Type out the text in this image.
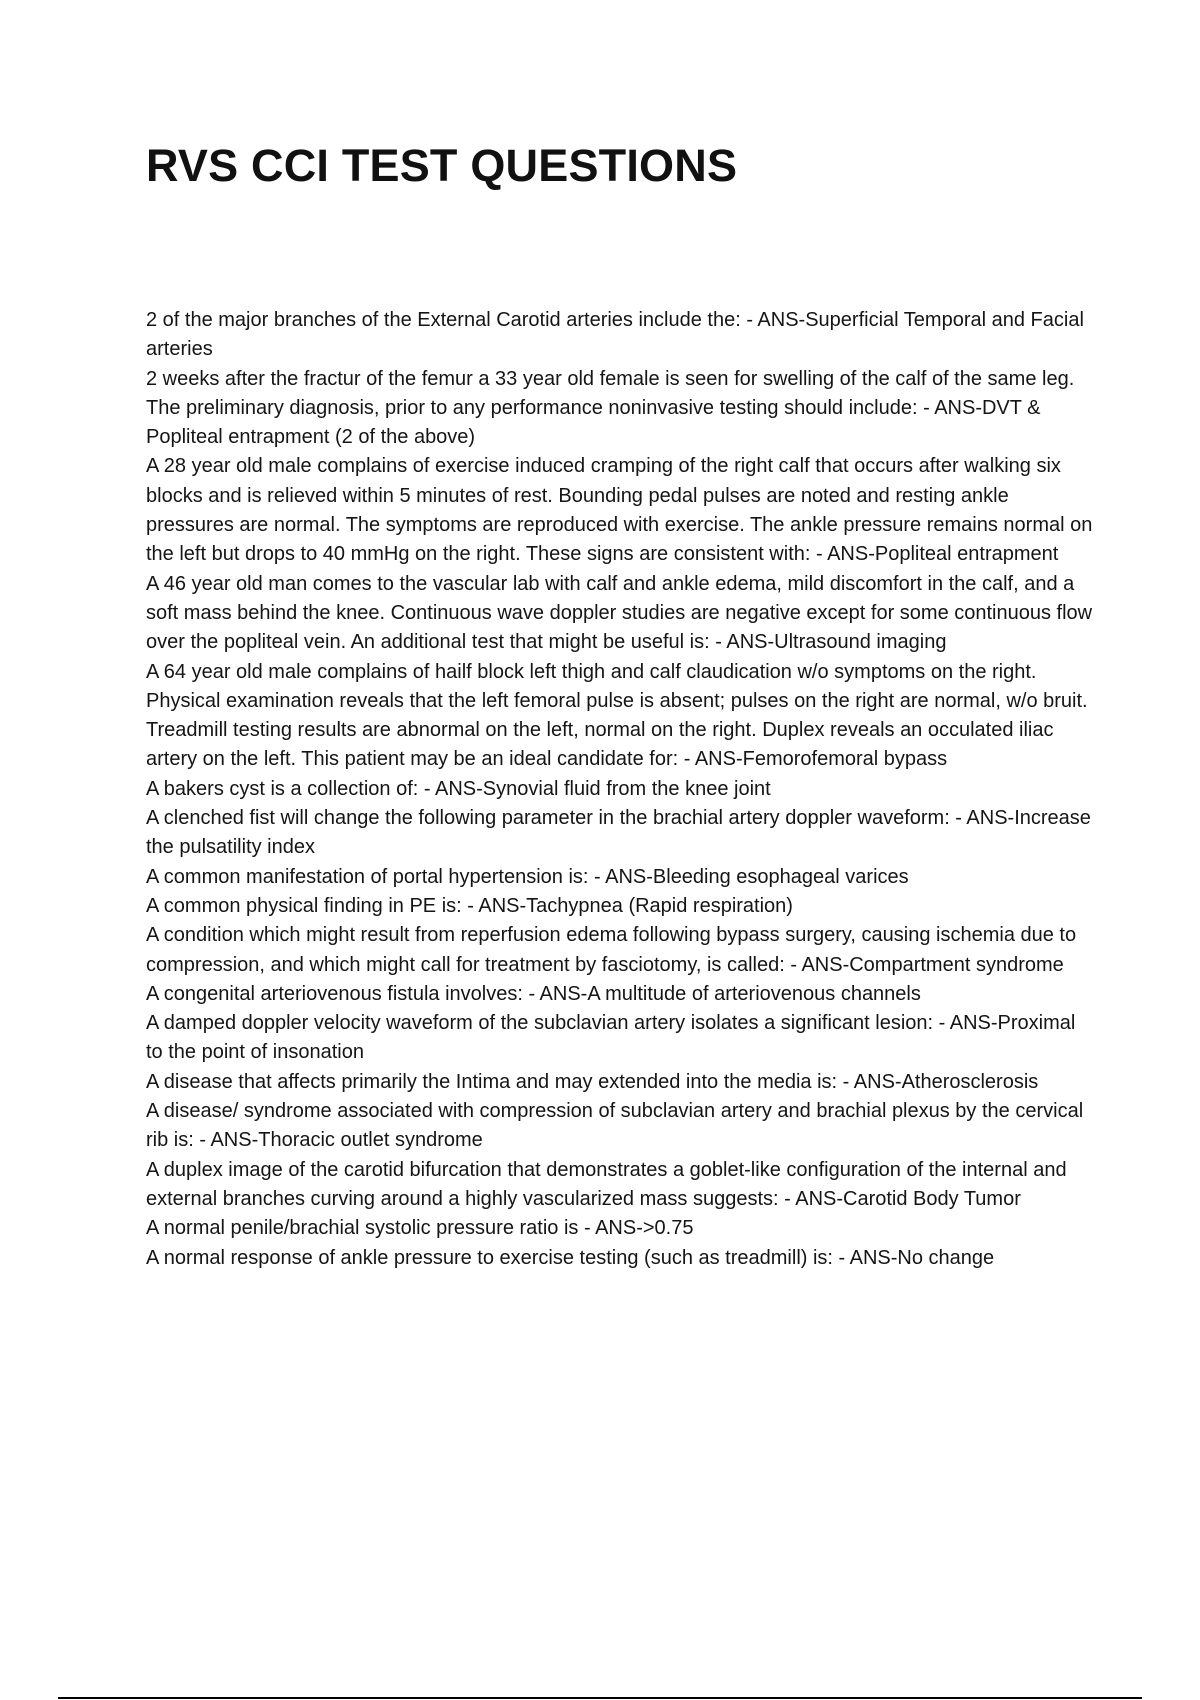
RVS CCI TEST QUESTIONS
2 of the major branches of the External Carotid arteries include the: - ANS-Superficial Temporal and Facial arteries
2 weeks after the fractur of the femur a 33 year old female is seen for swelling of the calf of the same leg. The preliminary diagnosis, prior to any performance noninvasive testing should include: - ANS-DVT & Popliteal entrapment (2 of the above)
A 28 year old male complains of exercise induced cramping of the right calf that occurs after walking six blocks and is relieved within 5 minutes of rest. Bounding pedal pulses are noted and resting ankle pressures are normal. The symptoms are reproduced with exercise. The ankle pressure remains normal on the left but drops to 40 mmHg on the right. These signs are consistent with: - ANS-Popliteal entrapment
A 46 year old man comes to the vascular lab with calf and ankle edema, mild discomfort in the calf, and a soft mass behind the knee. Continuous wave doppler studies are negative except for some continuous flow over the popliteal vein. An additional test that might be useful is: - ANS-Ultrasound imaging
A 64 year old male complains of hailf block left thigh and calf claudication w/o symptoms on the right. Physical examination reveals that the left femoral pulse is absent; pulses on the right are normal, w/o bruit. Treadmill testing results are abnormal on the left, normal on the right. Duplex reveals an occulated iliac artery on the left. This patient may be an ideal candidate for: - ANS-Femorofemoral bypass
A bakers cyst is a collection of: - ANS-Synovial fluid from the knee joint
A clenched fist will change the following parameter in the brachial artery doppler waveform: - ANS-Increase the pulsatility index
A common manifestation of portal hypertension is: - ANS-Bleeding esophageal varices
A common physical finding in PE is: - ANS-Tachypnea (Rapid respiration)
A condition which might result from reperfusion edema following bypass surgery, causing ischemia due to compression, and which might call for treatment by fasciotomy, is called: - ANS-Compartment syndrome
A congenital arteriovenous fistula involves: - ANS-A multitude of arteriovenous channels
A damped doppler velocity waveform of the subclavian artery isolates a significant lesion: - ANS-Proximal to the point of insonation
A disease that affects primarily the Intima and may extended into the media is: - ANS-Atherosclerosis
A disease/ syndrome associated with compression of subclavian artery and brachial plexus by the cervical rib is: - ANS-Thoracic outlet syndrome
A duplex image of the carotid bifurcation that demonstrates a goblet-like configuration of the internal and external branches curving around a highly vascularized mass suggests: - ANS-Carotid Body Tumor
A normal penile/brachial systolic pressure ratio is - ANS->0.75
A normal response of ankle pressure to exercise testing (such as treadmill) is: - ANS-No change
